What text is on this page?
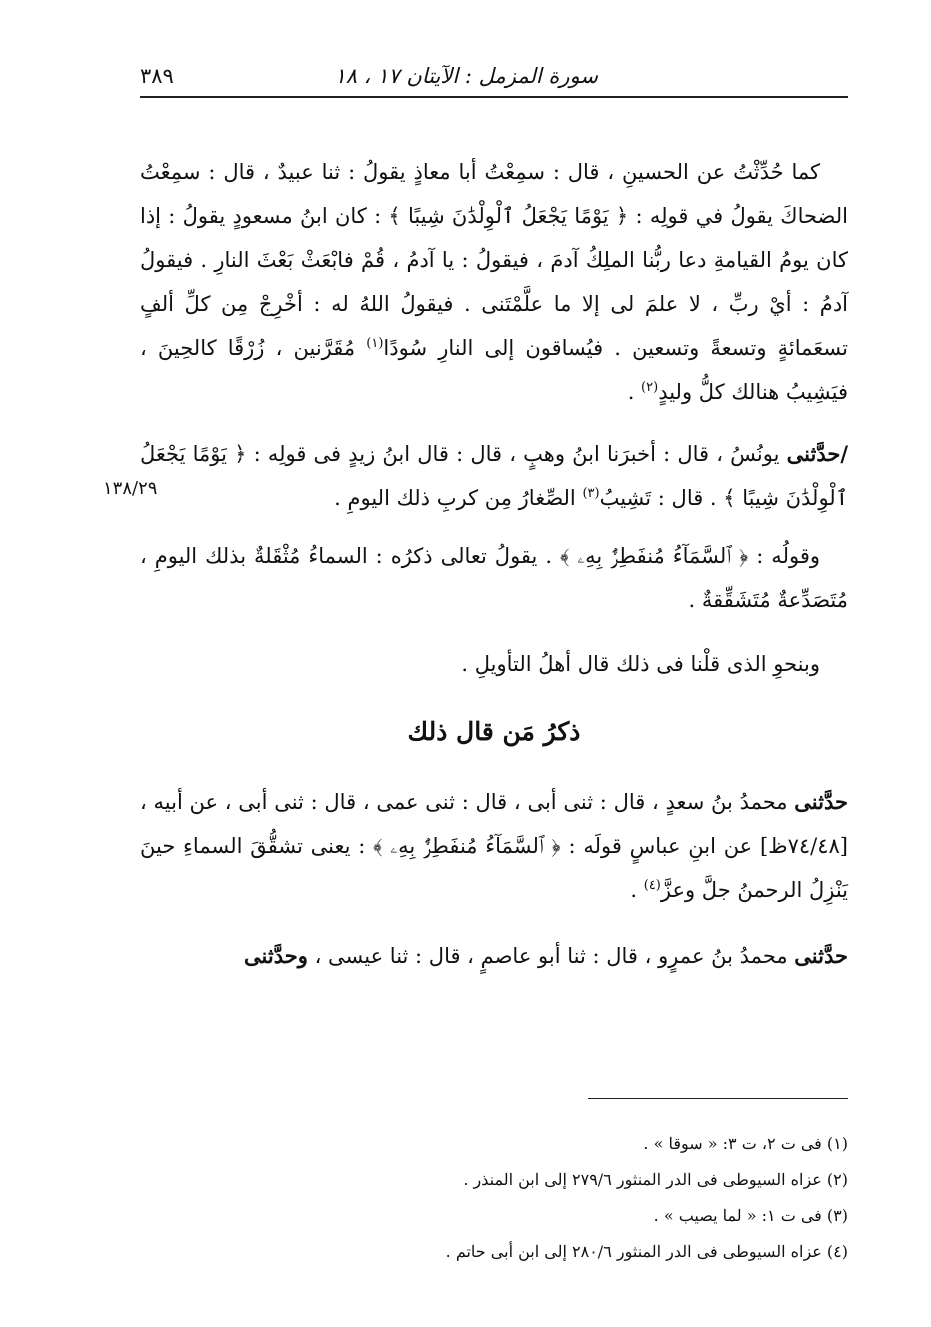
٣٨٩	سورة المزمل : الآيتان ١٧ ، ١٨
١٣٨/٢٩

كما حُدِّثْتُ عن الحسينِ ، قال : سمِعْتُ أبا معاذٍ يقولُ : ثنا عبيدٌ ، قال : سمِعْتُ الضحاكَ يقولُ في قولِه : ﴿ يَوْمًا يَجْعَلُ ٱلْوِلْدَٰنَ شِيبًا ﴾ : كان ابنُ مسعودٍ يقولُ : إذا كان يومُ القيامةِ دعا ربُّنا الملِكُ آدمَ ، فيقولُ : يا آدمُ ، قُمْ فابْعَثْ بَعْثَ النارِ . فيقولُ آدمُ : أيْ ربِّ ، لا علمَ لى إلا ما علَّمْتَنى . فيقولُ اللهُ له : أخْرِجْ مِن كلِّ ألفٍ تسعَمائةٍ وتسعةً وتسعين . فيُساقون إلى النارِ سُودًا$^{(١)}$ مُقَرَّنين ، زُرْقًا كالحِينَ ، فيَشِيبُ هنالك كلُّ وليدٍ$^{(٢)}$ .

/حدَّثنى يونُسُ ، قال : أخبرَنا ابنُ وهبٍ ، قال : قال ابنُ زيدٍ فى قولِه : ﴿ يَوْمًا يَجْعَلُ ٱلْوِلْدَٰنَ شِيبًا ﴾ . قال : تَشِيبُ$^{(٣)}$ الصِّغارُ مِن كربِ ذلك اليومِ .

وقولُه : ﴿ ٱلسَّمَآءُ مُنفَطِرٌۢ بِهِۦ ﴾ . يقولُ تعالى ذكرُه : السماءُ مُثْقَلةٌ بذلك اليومِ ، مُتَصَدِّعةٌ مُتَشَقِّقةٌ .

وبنحوِ الذى قلْنا فى ذلك قال أهلُ التأويلِ .

ذكرُ مَن قال ذلك

حدَّثنى محمدُ بنُ سعدٍ ، قال : ثنى أبى ، قال : ثنى عمى ، قال : ثنى أبى ، عن أبيه ، [٧٤/٤٨ظ] عن ابنِ عباسٍ قولَه : ﴿ ٱلسَّمَآءُ مُنفَطِرٌۢ بِهِۦ ﴾ : يعنى تشقُّقَ السماءِ حينَ يَنْزِلُ الرحمنُ جلَّ وعزَّ$^{(٤)}$ .

حدَّثنى محمدُ بنُ عمرٍو ، قال : ثنا أبو عاصمٍ ، قال : ثنا عيسى ، وحدَّثنى

(١) فى ت ٢، ت ٣: « سوقا » .

(٢) عزاه السيوطى فى الدر المنثور ٢٧٩/٦ إلى ابن المنذر .

(٣) فى ت ١: « لما يصيب » .

(٤) عزاه السيوطى فى الدر المنثور ٢٨٠/٦ إلى ابن أبى حاتم .
